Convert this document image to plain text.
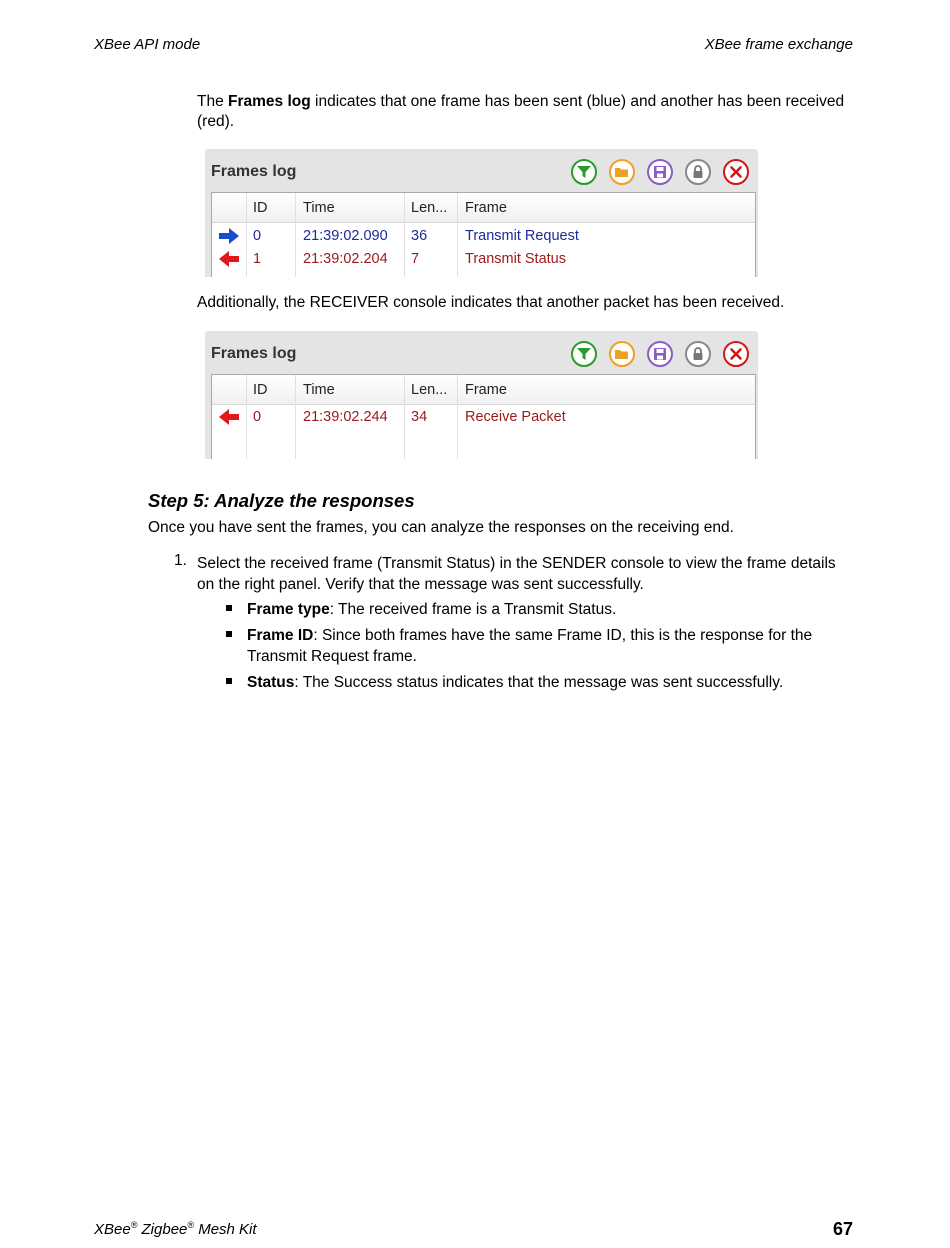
XBee API mode	XBee frame exchange
The Frames log indicates that one frame has been sent (blue) and another has been received (red).
Frames log
ID Time	Len... Frame
0	21:39:02.090 36	Transmit Request
1	21:39:02.204 7	Transmit Status
Additionally, the RECEIVER console indicates that another packet has been received.
Frames log
ID Time	Len... Frame
0	21:39:02.244 34	Receive Packet
Step 5: Analyze the responses
Once you have sent the frames, you can analyze the responses on the receiving end.
1. Select the received frame (Transmit Status) in the SENDER console to view the frame details on the right panel. Verify that the message was sent successfully.
Frame type: The received frame is a Transmit Status.
Frame ID: Since both frames have the same Frame ID, this is the response for the Transmit Request frame.
Status: The Success status indicates that the message was sent successfully.
XBee® Zigbee® Mesh Kit	67
